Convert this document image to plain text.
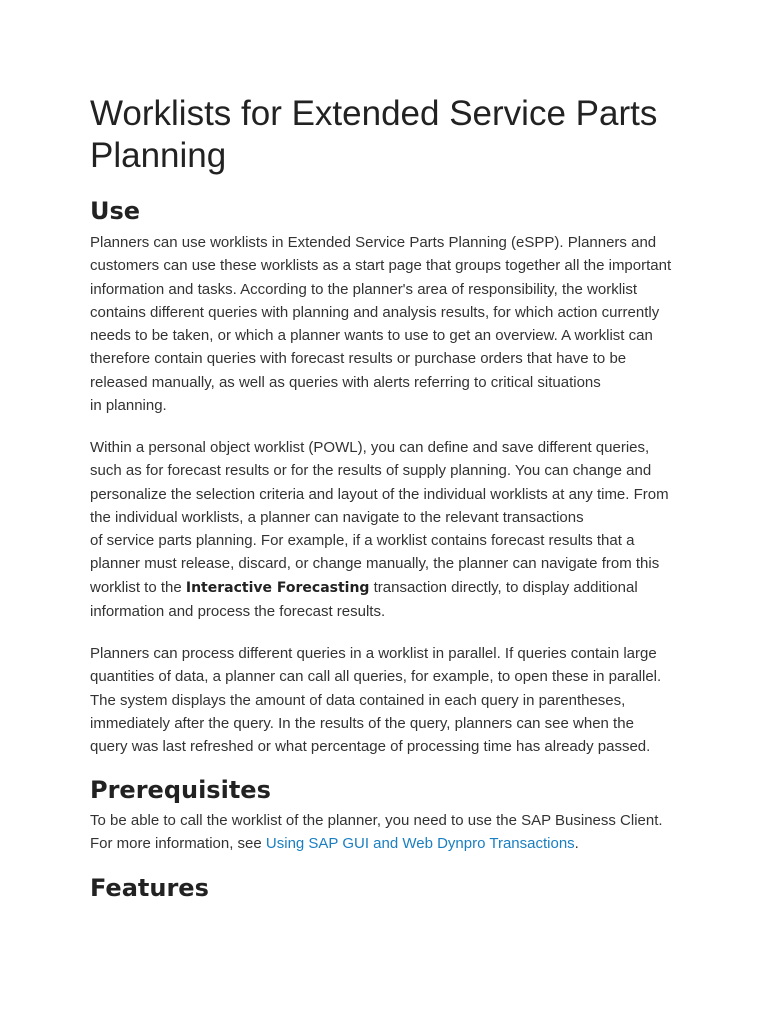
Worklists for Extended Service Parts
Planning
Use

Planners can use worklists in Extended Service Parts Planning (eSPP). Planners and
customers can use these worklists as a start page that groups together all the important
information and tasks. According to the planner's area of responsibility, the worklist
contains different queries with planning and analysis results, for which action currently
needs to be taken, or which a planner wants to use to get an overview. A worklist can
therefore contain queries with forecast results or purchase orders that have to be
released manually, as well as queries with alerts referring to critical situations
in planning.

Within a personal object worklist (POWL), you can define and save different queries,
such as for forecast results or for the results of supply planning. You can change and
personalize the selection criteria and layout of the individual worklists at any time. From
the individual worklists, a planner can navigate to the relevant transactions
of service parts planning. For example, if a worklist contains forecast results that a
planner must release, discard, or change manually, the planner can navigate from this
worklist to the Interactive Forecasting transaction directly, to display additional
information and process the forecast results.

Planners can process different queries in a worklist in parallel. If queries contain large
quantities of data, a planner can call all queries, for example, to open these in parallel.
The system displays the amount of data contained in each query in parentheses,
immediately after the query. In the results of the query, planners can see when the
query was last refreshed or what percentage of processing time has already passed.

Prerequisites

To be able to call the worklist of the planner, you need to use the SAP Business Client.
For more information, see Using SAP GUI and Web Dynpro Transactions.

Features
